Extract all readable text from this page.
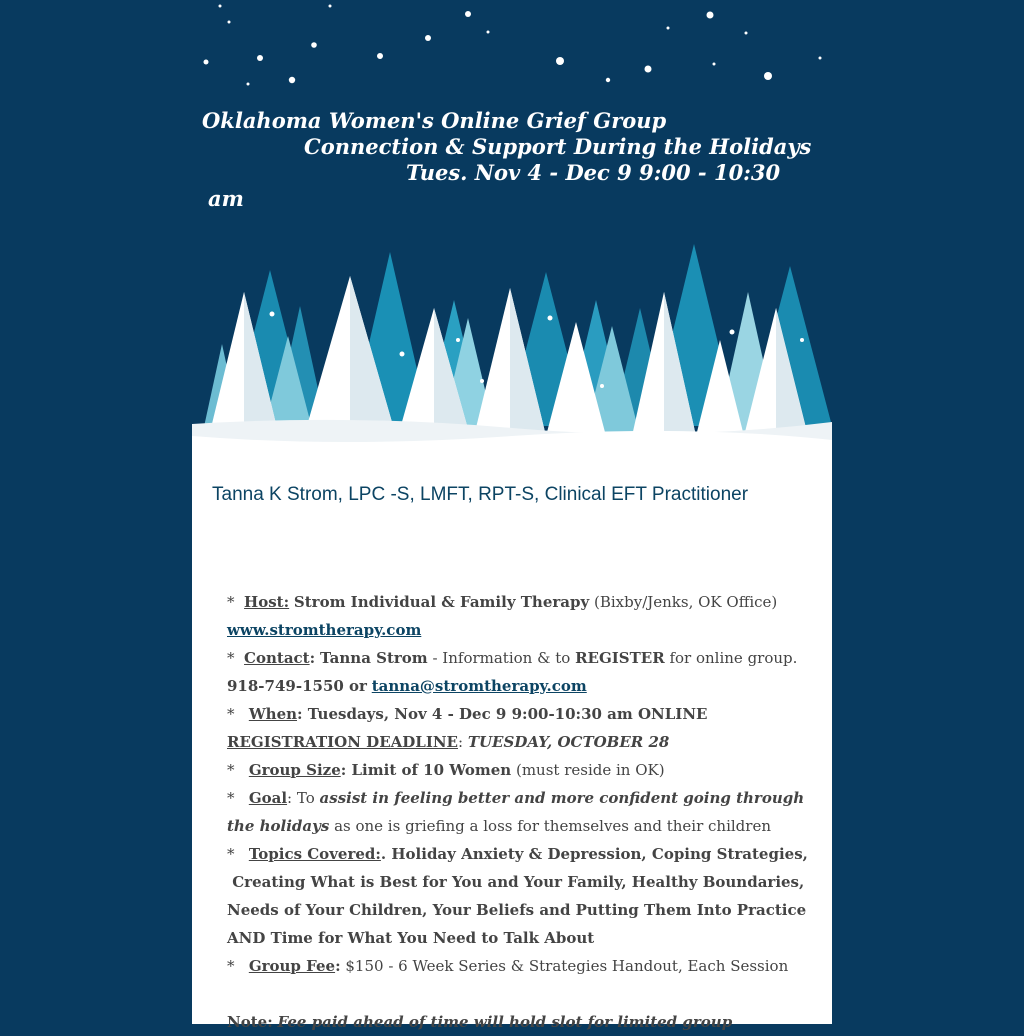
Oklahoma Women's Online Grief Group
Connection & Support During the Holidays
Tues. Nov 4 - Dec 9 9:00 - 10:30
am
Tanna K Strom, LPC -S, LMFT, RPT-S, Clinical EFT Practitioner
* Host: Strom Individual & Family Therapy (Bixby/Jenks, OK Office)
www.stromtherapy.com
* Contact: Tanna Strom - Information & to REGISTER for online group.
918-749-1550 or tanna@stromtherapy.com
* When: Tuesdays, Nov 4 - Dec 9 9:00-10:30 am ONLINE
REGISTRATION DEADLINE: TUESDAY, OCTOBER 28
* Group Size: Limit of 10 Women (must reside in OK)
* Goal: To assist in feeling better and more confident going through
the holidays as one is griefing a loss for themselves and their children
* Topics Covered:. Holiday Anxiety & Depression, Coping Strategies,
Creating What is Best for You and Your Family, Healthy Boundaries,
Needs of Your Children, Your Beliefs and Putting Them Into Practice
AND Time for What You Need to Talk About
* Group Fee: $150 - 6 Week Series & Strategies Handout, Each Session
Note: Fee paid ahead of time will hold slot for limited group
